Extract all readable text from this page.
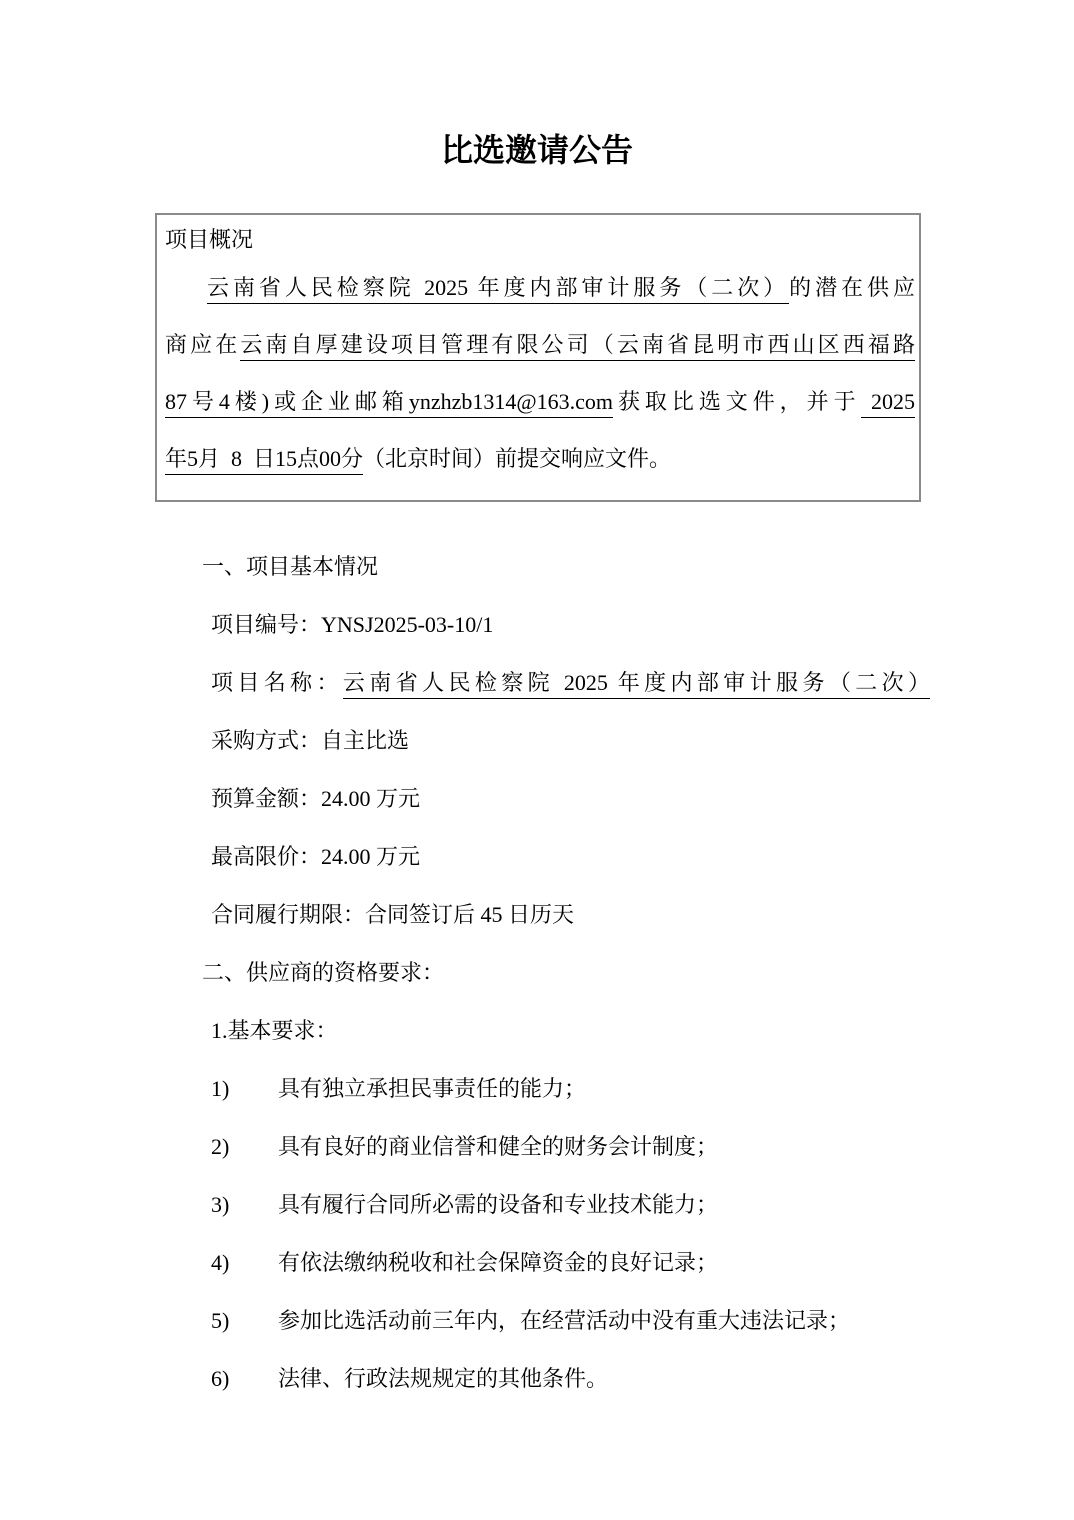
比选邀请公告
项目概况
云南省人民检察院 2025 年度内部审计服务（二次）的潜在供应
商应在云南自厚建设项目管理有限公司（云南省昆明市西山区西福路
87号4楼)或企业邮箱ynzhzb1314@163.com获取比选文件，并于 2025
年5月  8  日15点00分（北京时间）前提交响应文件。
一、项目基本情况
项目编号：YNSJ2025-03-10/1
项目名称：云南省人民检察院 2025 年度内部审计服务（二次）
采购方式：自主比选
预算金额：24.00 万元
最高限价：24.00 万元
合同履行期限：合同签订后 45 日历天
二、供应商的资格要求：
1.基本要求：
1) 具有独立承担民事责任的能力；
2) 具有良好的商业信誉和健全的财务会计制度；
3) 具有履行合同所必需的设备和专业技术能力；
4) 有依法缴纳税收和社会保障资金的良好记录；
5) 参加比选活动前三年内，在经营活动中没有重大违法记录；
6) 法律、行政法规规定的其他条件。
